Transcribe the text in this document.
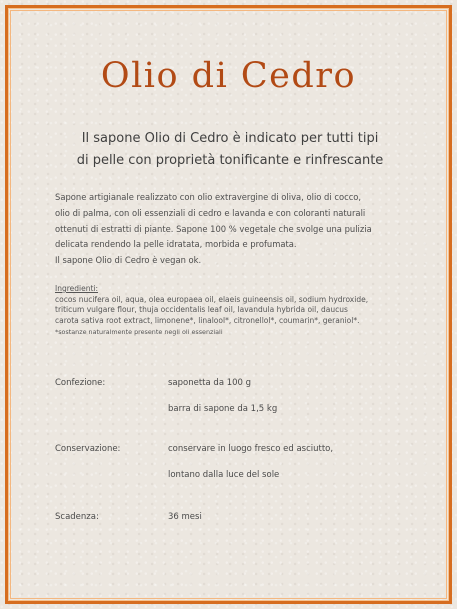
Olio di Cedro
Il sapone Olio di Cedro è indicato per tutti tipi
di pelle con proprietà tonificante e rinfrescante

Sapone artigianale realizzato con olio extravergine di oliva, olio di cocco,

olio di palma, con oli essenziali di cedro e lavanda e con coloranti naturali

ottenuti di estratti di piante. Sapone 100 % vegetale che svolge una pulizia

delicata rendendo la pelle idratata, morbida e profumata.

Il sapone Olio di Cedro è vegan ok.

Ingredienti:
cocos nucifera oil, aqua, olea europaea oil, elaeis guineensis oil, sodium hydroxide,
triticum vulgare flour, thuja occidentalis leaf oil, lavandula hybrida oil, daucus
carota sativa root extract, limonene*, linalool*, citronellol*, coumarin*, geraniol*.
*sostanze naturalmente presente negli oli essenziali
Confezione:	saponetta da 100 g
barra di sapone da 1,5 kg
Conservazione:	conservare in luogo fresco ed asciutto,
lontano dalla luce del sole
Scadenza:	36 mesi
